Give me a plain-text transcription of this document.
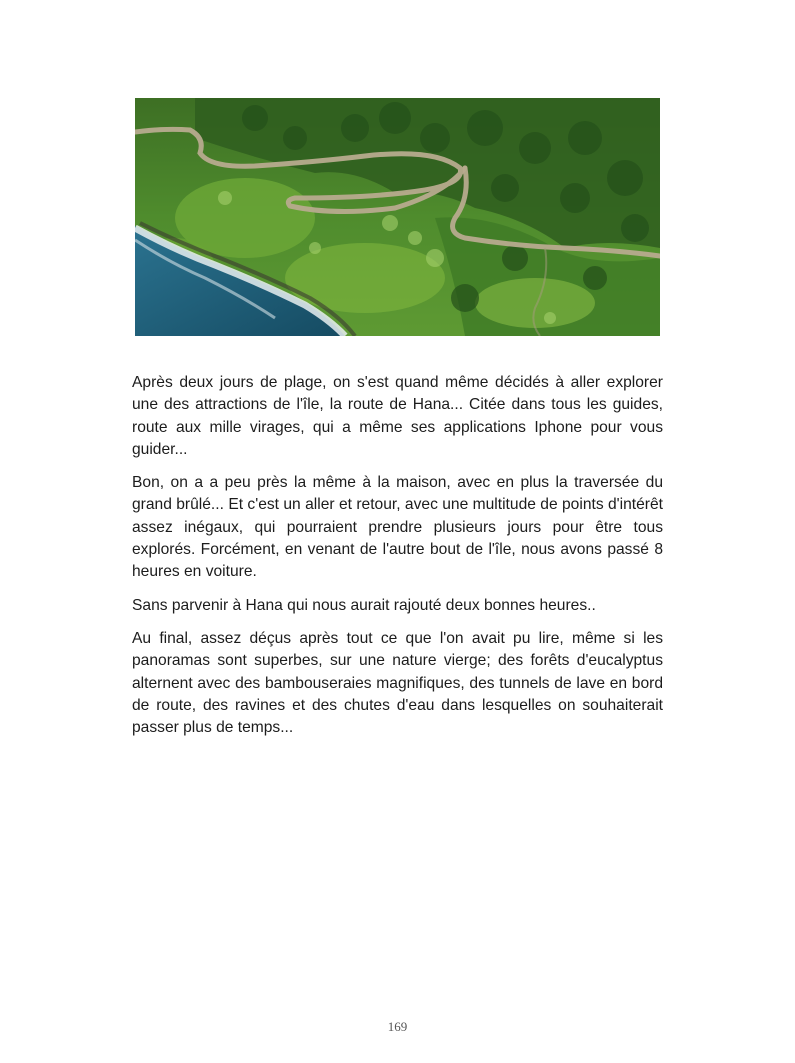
Après deux jours de plage, on s'est quand même décidés à aller explorer une des attractions de l'île, la route de Hana... Citée dans tous les guides, route aux mille virages, qui a même ses applications Iphone pour vous guider...

Bon, on a a peu près la même à la maison, avec en plus la traversée du grand brûlé... Et c'est un aller et retour, avec une multitude de points d'intérêt assez inégaux, qui pourraient prendre plusieurs jours pour être tous explorés. Forcément, en venant de l'autre bout de l'île, nous avons passé 8 heures en voiture.

Sans parvenir à Hana qui nous aurait rajouté deux bonnes heures..

Au final, assez déçus après tout ce que l'on avait pu lire, même si les panoramas sont superbes, sur une nature vierge; des forêts d'eucalyptus alternent avec des bambouseraies magnifiques, des tunnels de lave en bord de route, des ravines et des chutes d'eau dans lesquelles on souhaiterait passer plus de temps...

169
